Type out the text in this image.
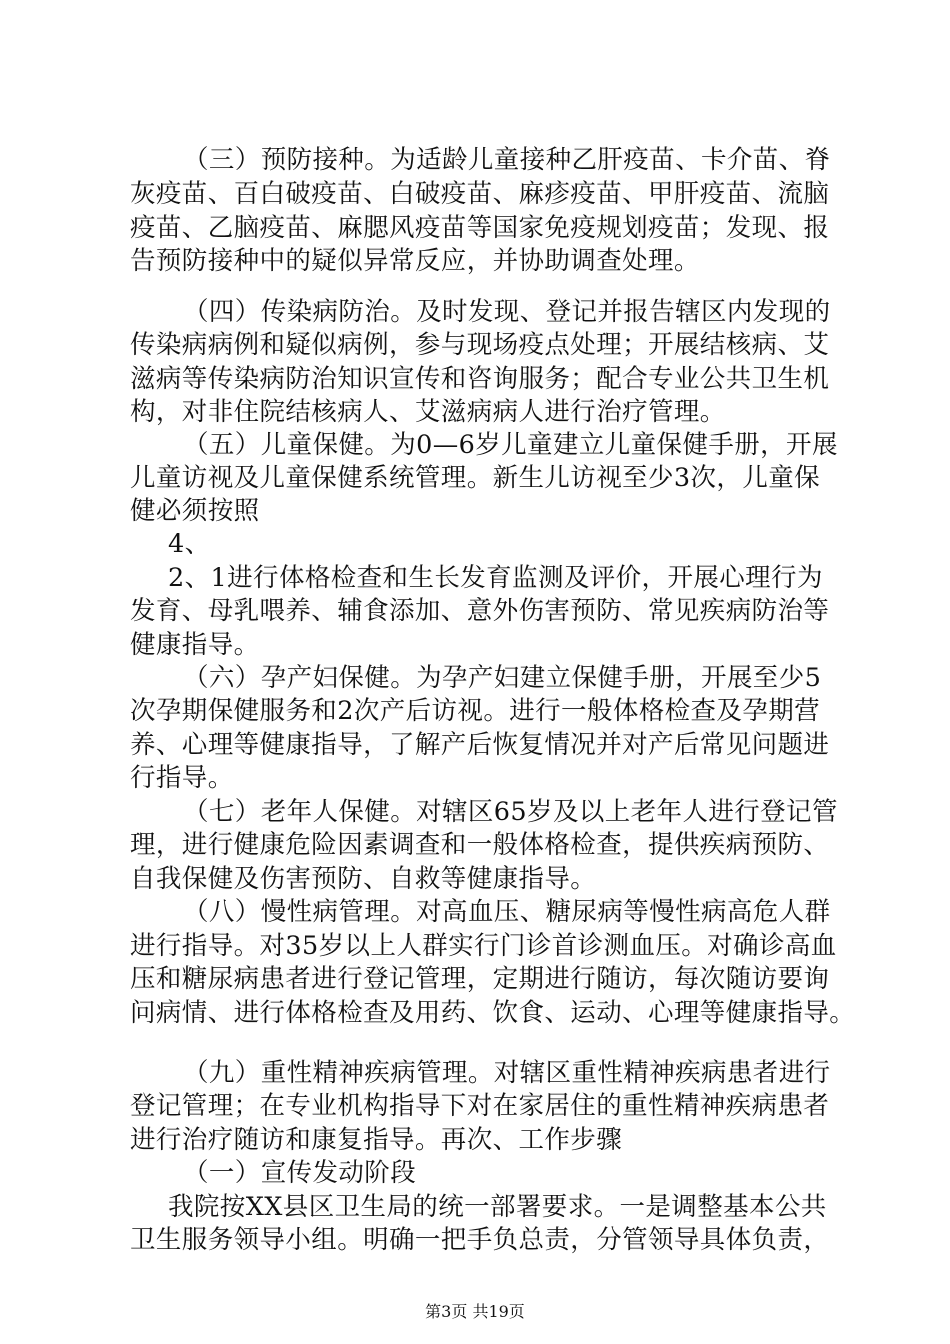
（三）预防接种。为适龄儿童接种乙肝疫苗、卡介苗、脊
灰疫苗、百白破疫苗、白破疫苗、麻疹疫苗、甲肝疫苗、流脑
疫苗、乙脑疫苗、麻腮风疫苗等国家免疫规划疫苗；发现、报
告预防接种中的疑似异常反应，并协助调查处理。
（四）传染病防治。及时发现、登记并报告辖区内发现的
传染病病例和疑似病例，参与现场疫点处理；开展结核病、艾
滋病等传染病防治知识宣传和咨询服务；配合专业公共卫生机
构，对非住院结核病人、艾滋病病人进行治疗管理。
（五）儿童保健。为0—6岁儿童建立儿童保健手册，开展
儿童访视及儿童保健系统管理。新生儿访视至少3次，儿童保
健必须按照
4、
2、1进行体格检查和生长发育监测及评价，开展心理行为
发育、母乳喂养、辅食添加、意外伤害预防、常见疾病防治等
健康指导。
（六）孕产妇保健。为孕产妇建立保健手册，开展至少5
次孕期保健服务和2次产后访视。进行一般体格检查及孕期营
养、心理等健康指导，了解产后恢复情况并对产后常见问题进
行指导。
（七）老年人保健。对辖区65岁及以上老年人进行登记管
理，进行健康危险因素调查和一般体格检查，提供疾病预防、
自我保健及伤害预防、自救等健康指导。
（八）慢性病管理。对高血压、糖尿病等慢性病高危人群
进行指导。对35岁以上人群实行门诊首诊测血压。对确诊高血
压和糖尿病患者进行登记管理，定期进行随访，每次随访要询
问病情、进行体格检查及用药、饮食、运动、心理等健康指导。
（九）重性精神疾病管理。对辖区重性精神疾病患者进行
登记管理；在专业机构指导下对在家居住的重性精神疾病患者
进行治疗随访和康复指导。再次、工作步骤
（一）宣传发动阶段
我院按XX县区卫生局的统一部署要求。一是调整基本公共
卫生服务领导小组。明确一把手负总责，分管领导具体负责，
第3页 共19页
